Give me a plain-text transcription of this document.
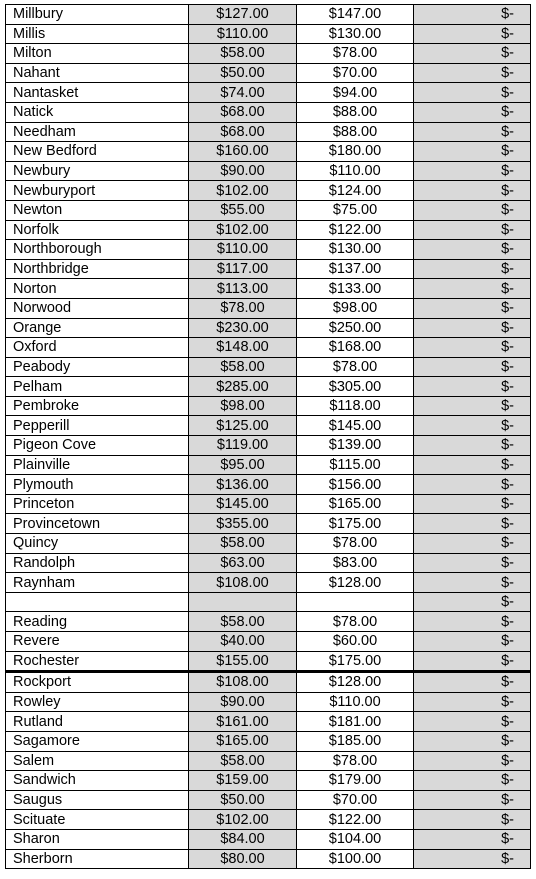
Millbury	$127.00	$147.00	$-
Millis	$110.00	$130.00	$-
Milton	$58.00	$78.00	$-
Nahant	$50.00	$70.00	$-
Nantasket	$74.00	$94.00	$-
Natick	$68.00	$88.00	$-
Needham	$68.00	$88.00	$-
New Bedford	$160.00	$180.00	$-
Newbury	$90.00	$110.00	$-
Newburyport	$102.00	$124.00	$-
Newton	$55.00	$75.00	$-
Norfolk	$102.00	$122.00	$-
Northborough	$110.00	$130.00	$-
Northbridge	$117.00	$137.00	$-
Norton	$113.00	$133.00	$-
Norwood	$78.00	$98.00	$-
Orange	$230.00	$250.00	$-
Oxford	$148.00	$168.00	$-
Peabody	$58.00	$78.00	$-
Pelham	$285.00	$305.00	$-
Pembroke	$98.00	$118.00	$-
Pepperill	$125.00	$145.00	$-
Pigeon Cove	$119.00	$139.00	$-
Plainville	$95.00	$115.00	$-
Plymouth	$136.00	$156.00	$-
Princeton	$145.00	$165.00	$-
Provincetown	$355.00	$175.00	$-
Quincy	$58.00	$78.00	$-
Randolph	$63.00	$83.00	$-
Raynham	$108.00	$128.00	$-
			$-
Reading	$58.00	$78.00	$-
Revere	$40.00	$60.00	$-
Rochester	$155.00	$175.00	$-
Rockport	$108.00	$128.00	$-
Rowley	$90.00	$110.00	$-
Rutland	$161.00	$181.00	$-
Sagamore	$165.00	$185.00	$-
Salem	$58.00	$78.00	$-
Sandwich	$159.00	$179.00	$-
Saugus	$50.00	$70.00	$-
Scituate	$102.00	$122.00	$-
Sharon	$84.00	$104.00	$-
Sherborn	$80.00	$100.00	$-
